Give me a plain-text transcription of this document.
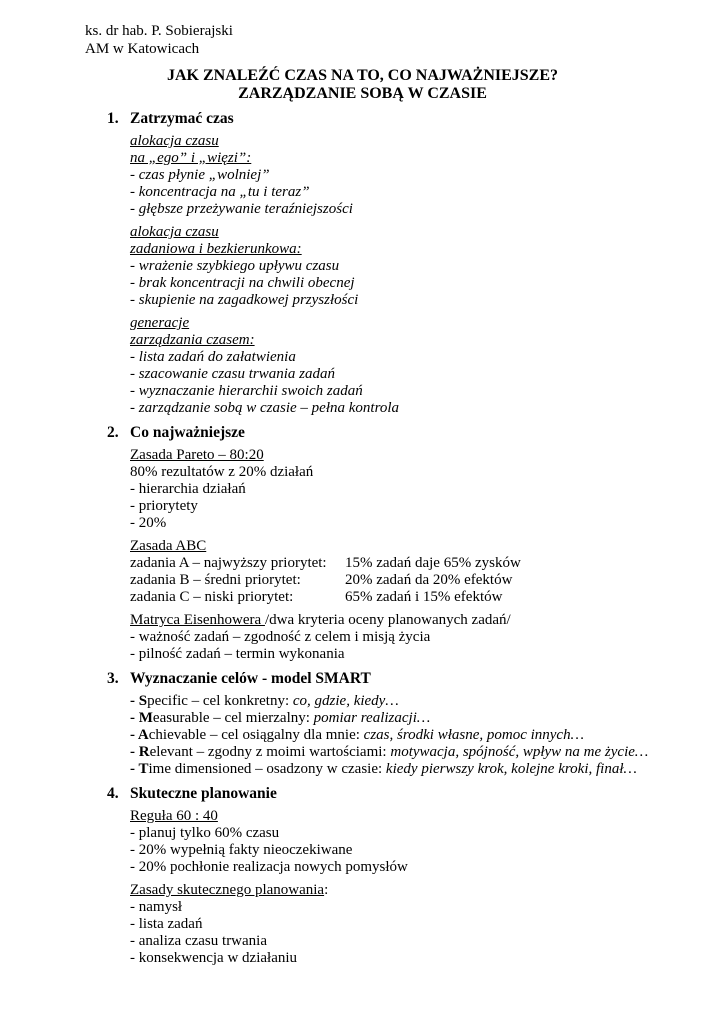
ks. dr hab. P. Sobierajski
AM w Katowicach
JAK ZNALEŹĆ CZAS NA TO, CO NAJWAŻNIEJSZE?
ZARZĄDZANIE SOBĄ W CZASIE
1. Zatrzymać czas
alokacja czasu
na „ego” i „więzi”:
- czas płynie „wolniej”
- koncentracja na „tu i teraz”
- głębsze przeżywanie teraźniejszości
alokacja czasu
zadaniowa i bezkierunkowa:
- wrażenie szybkiego upływu czasu
- brak koncentracji na chwili obecnej
- skupienie na zagadkowej przyszłości
generacje
zarządzania czasem:
- lista zadań do załatwienia
- szacowanie czasu trwania zadań
- wyznaczanie hierarchii swoich zadań
- zarządzanie sobą w czasie – pełna kontrola
2. Co najważniejsze
Zasada Pareto – 80:20
80% rezultatów z 20% działań
- hierarchia działań
- priorytety
- 20%
Zasada ABC
zadania A – najwyższy priorytet:	15% zadań daje 65% zysków
zadania B – średni priorytet:	20% zadań da 20% efektów
zadania C – niski priorytet:	65% zadań i 15% efektów
Matryca Eisenhowera /dwa kryteria oceny planowanych zadań/
- ważność zadań – zgodność z celem i misją życia
- pilność zadań – termin wykonania
3. Wyznaczanie celów - model SMART
- Specific – cel konkretny: co, gdzie, kiedy…
- Measurable – cel mierzalny: pomiar realizacji…
- Achievable – cel osiągalny dla mnie: czas, środki własne, pomoc innych…
- Relevant – zgodny z moimi wartościami: motywacja, spójność, wpływ na me życie…
- Time dimensioned – osadzony w czasie: kiedy pierwszy krok, kolejne kroki, finał…
4. Skuteczne planowanie
Reguła 60 : 40
- planuj tylko 60% czasu
- 20% wypełnią fakty nieoczekiwane
- 20% pochłonie realizacja nowych pomysłów
Zasady skutecznego planowania:
- namysł
- lista zadań
- analiza czasu trwania
- konsekwencja w działaniu
